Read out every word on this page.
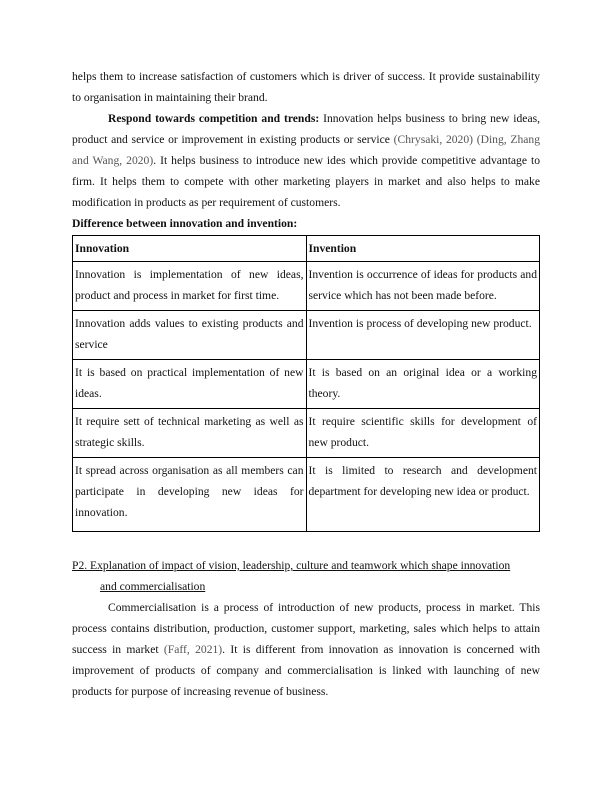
helps them to increase satisfaction of customers which is driver of success. It provide sustainability to organisation in maintaining their brand.

Respond towards competition and trends: Innovation helps business to bring new ideas, product and service or improvement in existing products or service (Chrysaki, 2020) (Ding, Zhang and Wang, 2020). It helps business to introduce new ides which provide competitive advantage to firm. It helps them to compete with other marketing players in market and also helps to make modification in products as per requirement of customers.

Difference between innovation and invention:

Innovation	Invention
Innovation is implementation of new ideas, product and process in market for first time.	Invention is occurrence of ideas for products and service which has not been made before.
Innovation adds values to existing products and service	Invention is process of developing new product.
It is based on practical implementation of new ideas.	It is based on an original idea or a working theory.
It require sett of technical marketing as well as strategic skills.	It require scientific skills for development of new product.
It spread across organisation as all members can participate in developing new ideas for innovation.	It is limited to research and development department for developing new idea or product.

P2. Explanation of impact of vision, leadership, culture and teamwork which shape innovation
and commercialisation

Commercialisation is a process of introduction of new products, process in market. This process contains distribution, production, customer support, marketing, sales which helps to attain success in market (Faff, 2021). It is different from innovation as innovation is concerned with improvement of products of company and commercialisation is linked with launching of new products for purpose of increasing revenue of business.
